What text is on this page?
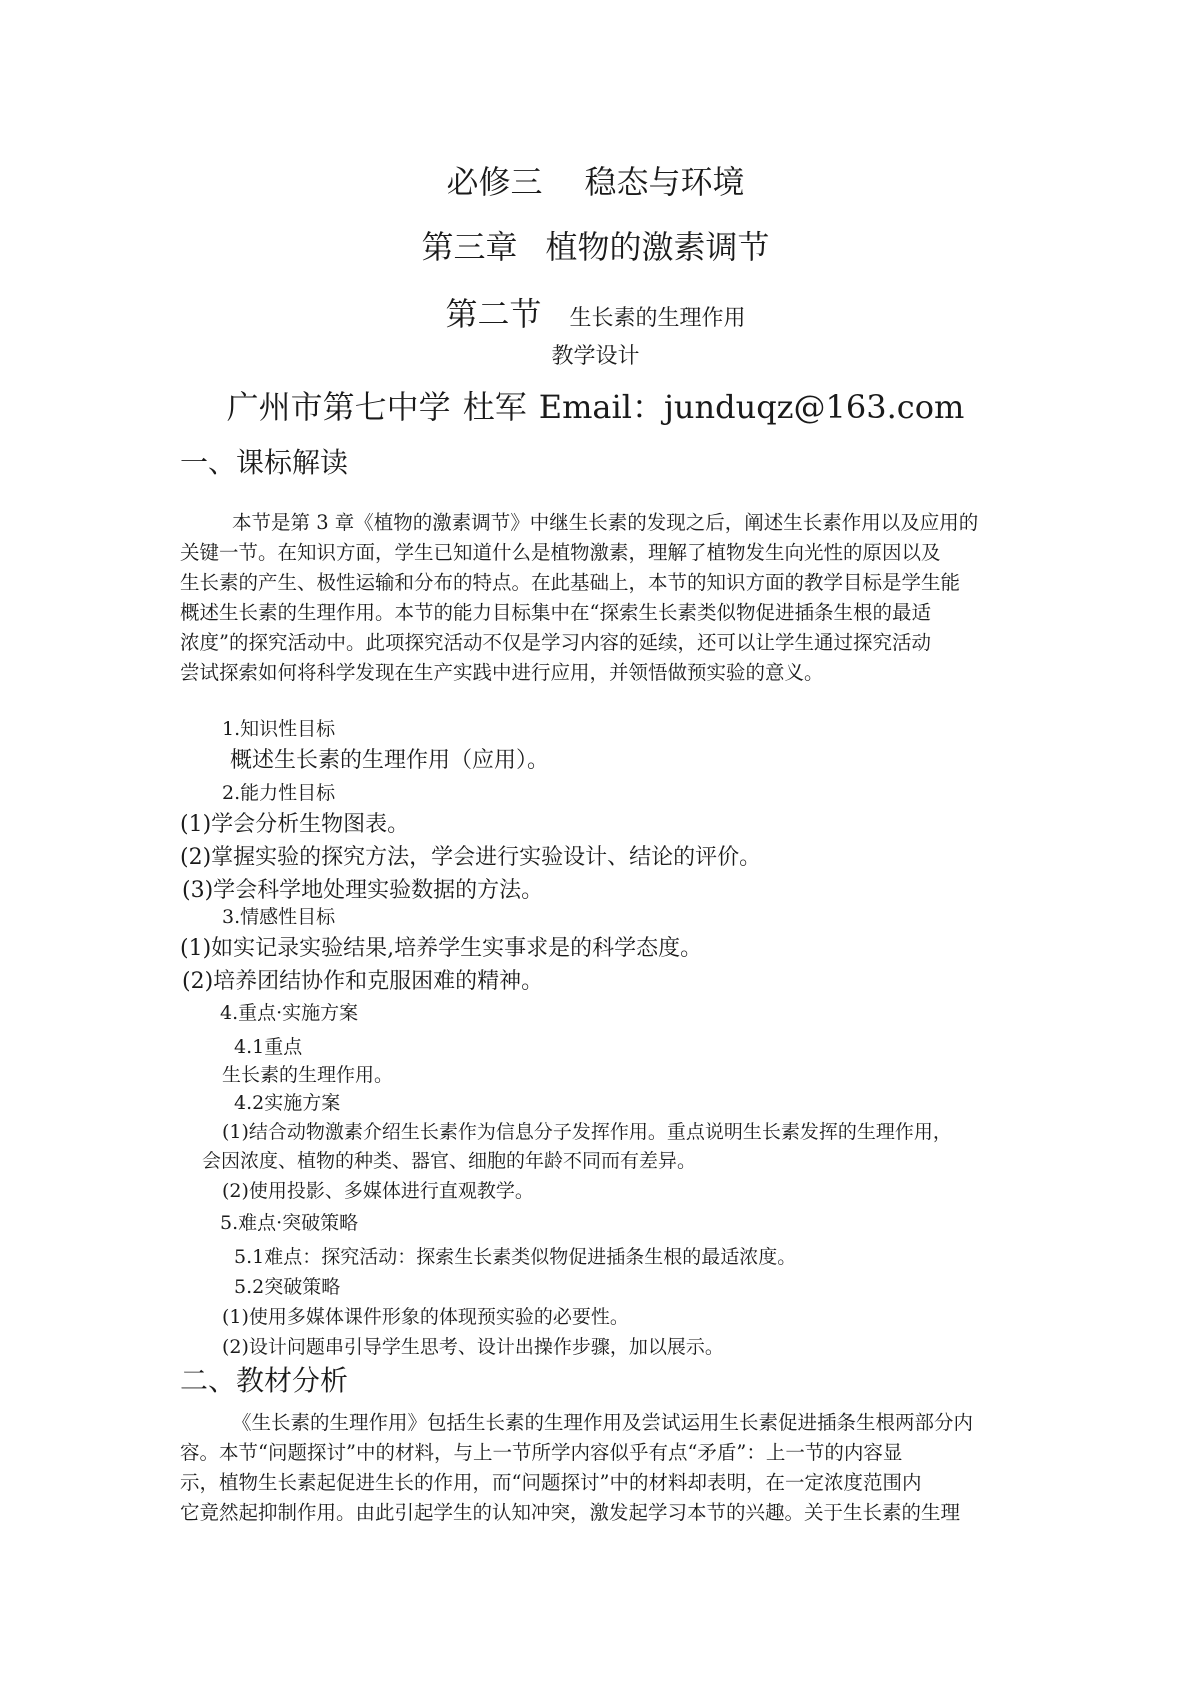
必修三 稳态与环境
第三章 植物的激素调节
第二节 生长素的生理作用
教学设计
广州市第七中学 杜军 Email：junduqz@163.com
一、课标解读
本节是第 3 章《植物的激素调节》中继生长素的发现之后，阐述生长素作用以及应用的
关键一节。在知识方面，学生已知道什么是植物激素，理解了植物发生向光性的原因以及
生长素的产生、极性运输和分布的特点。在此基础上，本节的知识方面的教学目标是学生能
概述生长素的生理作用。本节的能力目标集中在“探索生长素类似物促进插条生根的最适
浓度”的探究活动中。此项探究活动不仅是学习内容的延续，还可以让学生通过探究活动
尝试探索如何将科学发现在生产实践中进行应用，并领悟做预实验的意义。
1.知识性目标
概述生长素的生理作用（应用）。
2.能力性目标
(1)学会分析生物图表。
(2)掌握实验的探究方法，学会进行实验设计、结论的评价。
(3)学会科学地处理实验数据的方法。
3.情感性目标
(1)如实记录实验结果,培养学生实事求是的科学态度。
(2)培养团结协作和克服困难的精神。
4.重点·实施方案
4.1重点
生长素的生理作用。
4.2实施方案
(1)结合动物激素介绍生长素作为信息分子发挥作用。重点说明生长素发挥的生理作用，
会因浓度、植物的种类、器官、细胞的年龄不同而有差异。
(2)使用投影、多媒体进行直观教学。
5.难点·突破策略
5.1难点：探究活动：探索生长素类似物促进插条生根的最适浓度。
5.2突破策略
(1)使用多媒体课件形象的体现预实验的必要性。
(2)设计问题串引导学生思考、设计出操作步骤，加以展示。
二、教材分析
《生长素的生理作用》包括生长素的生理作用及尝试运用生长素促进插条生根两部分内
容。本节“问题探讨”中的材料，与上一节所学内容似乎有点“矛盾”：上一节的内容显
示，植物生长素起促进生长的作用，而“问题探讨”中的材料却表明，在一定浓度范围内
它竟然起抑制作用。由此引起学生的认知冲突，激发起学习本节的兴趣。关于生长素的生理
